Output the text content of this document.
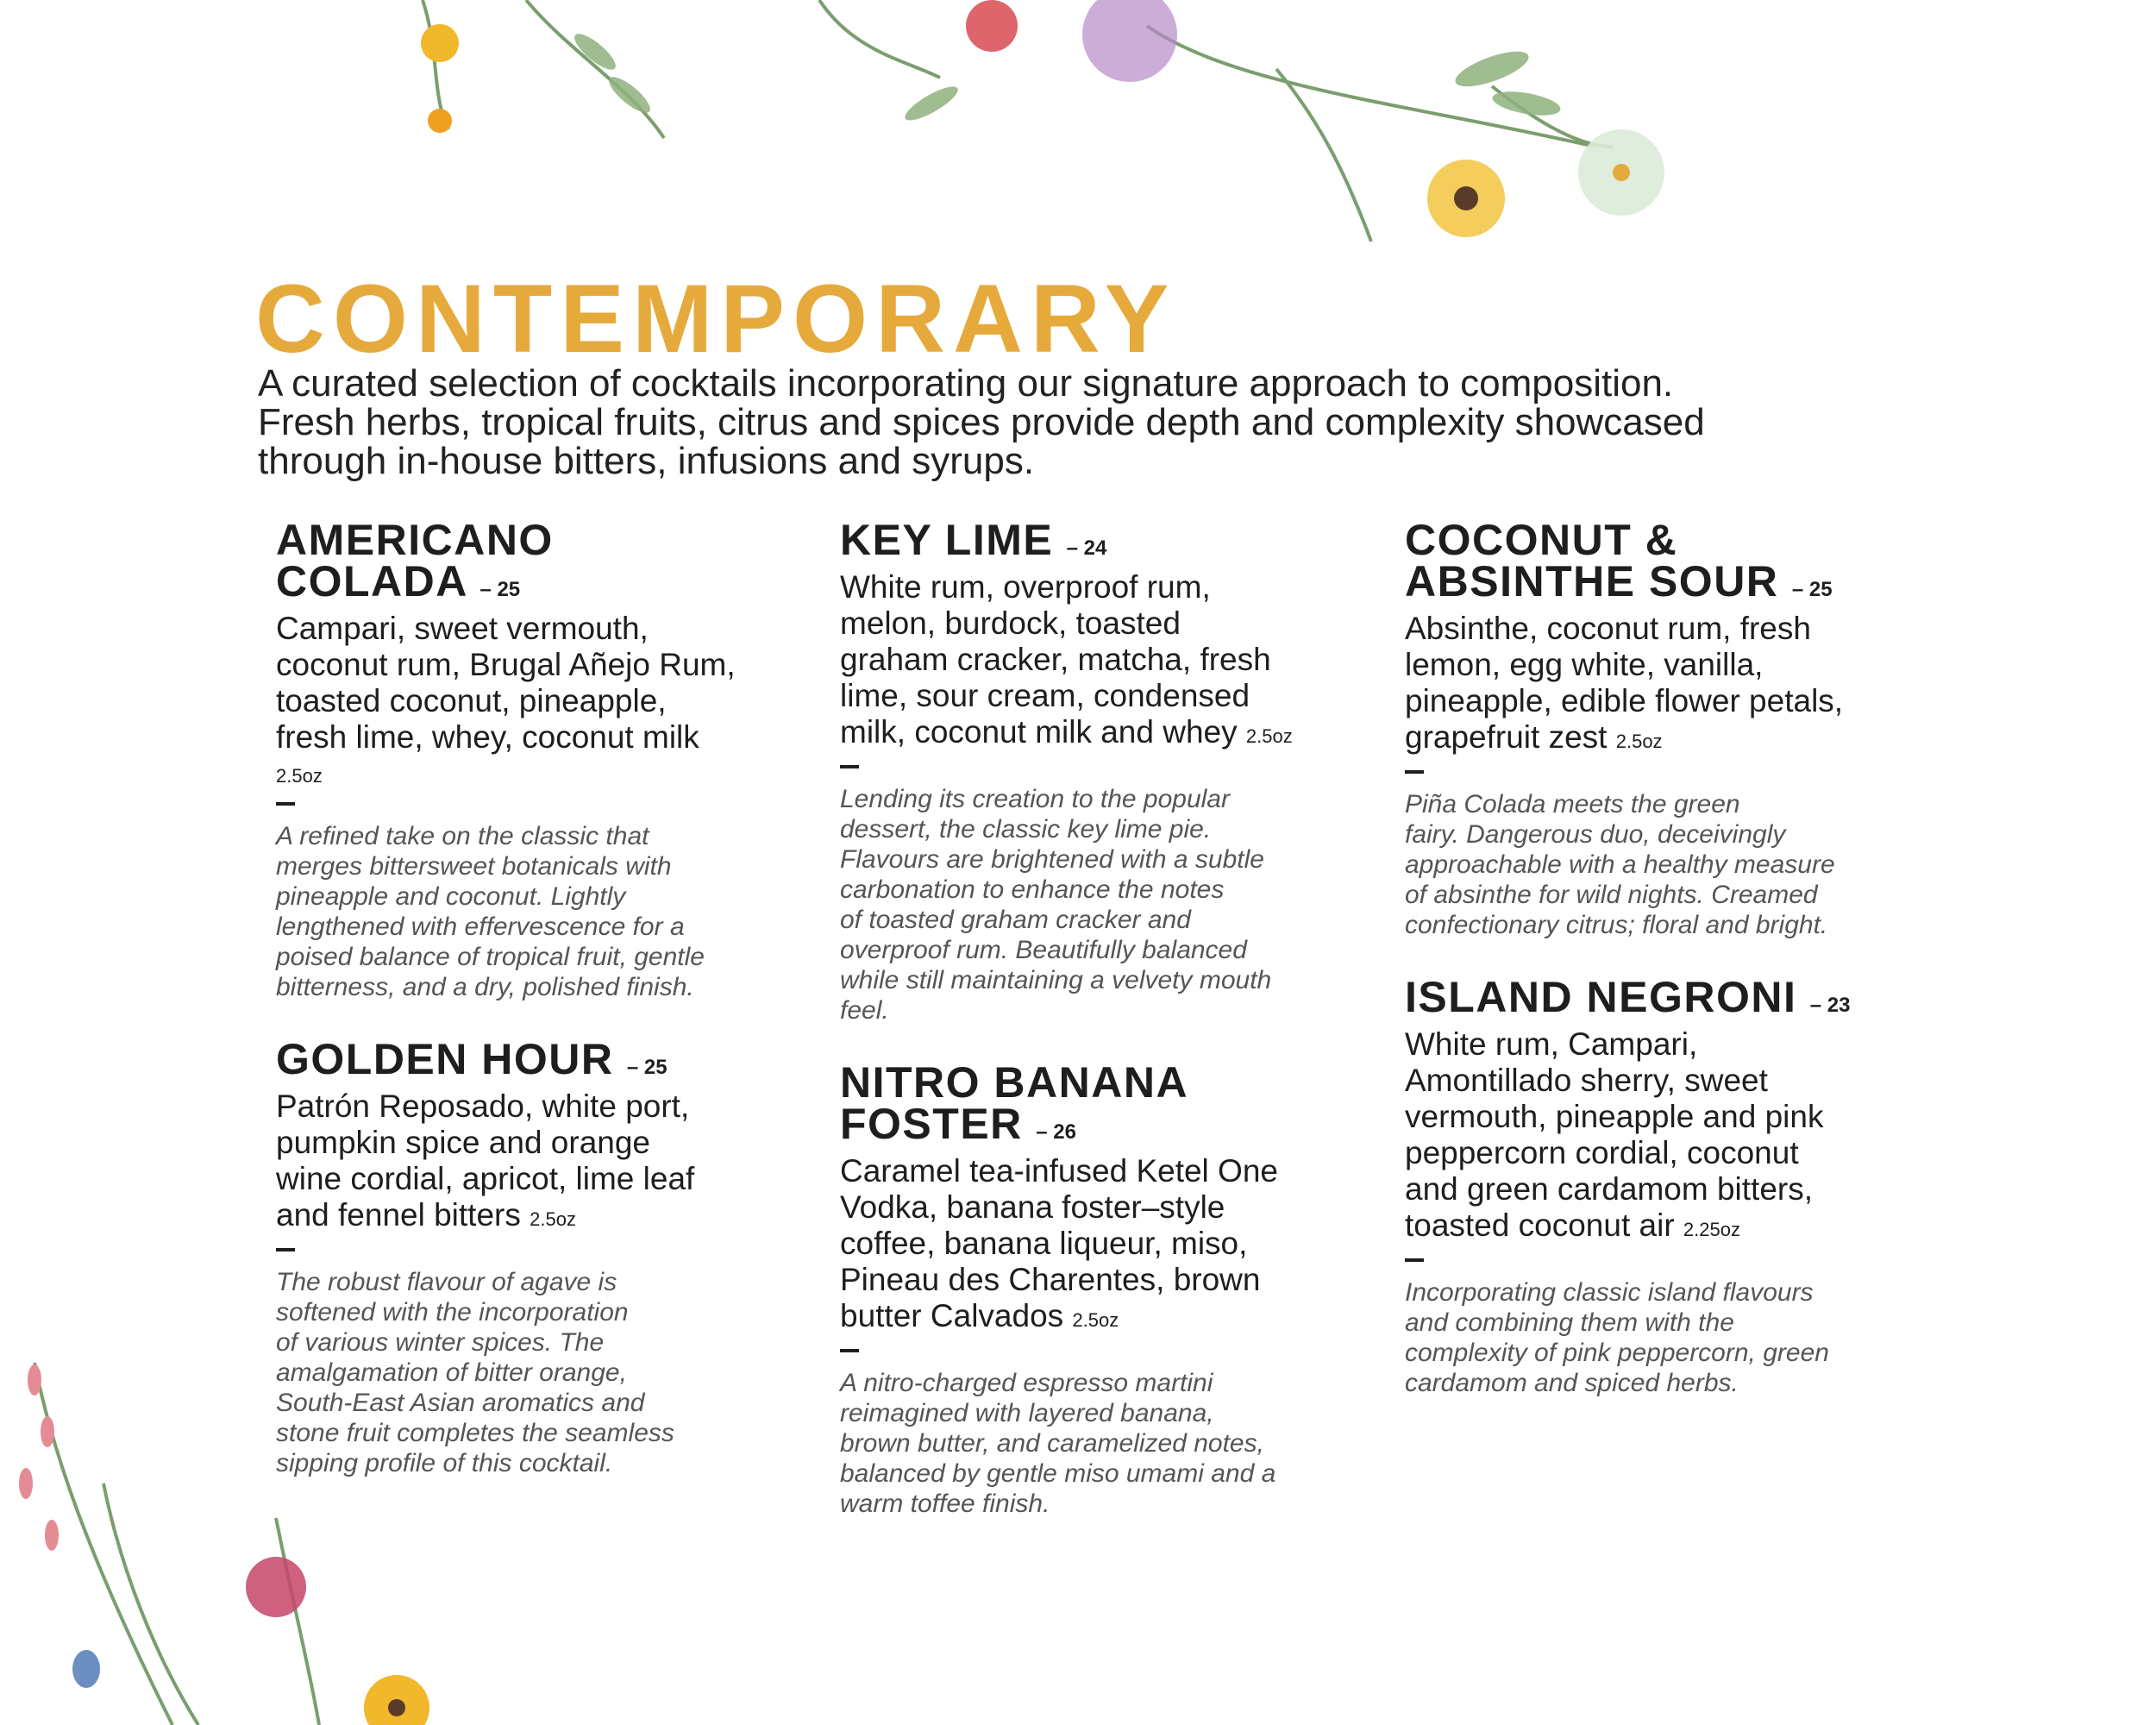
CONTEMPORARY
A curated selection of cocktails incorporating our signature approach to composition.
Fresh herbs, tropical fruits, citrus and spices provide depth and complexity showcased
through in-house bitters, infusions and syrups.
AMERICANO
COLADA – 25
Campari, sweet vermouth,
coconut rum, Brugal Añejo Rum,
toasted coconut, pineapple,
fresh lime, whey, coconut milk
2.5oz
A refined take on the classic that
merges bittersweet botanicals with
pineapple and coconut. Lightly
lengthened with effervescence for a
poised balance of tropical fruit, gentle
bitterness, and a dry, polished finish.
GOLDEN HOUR – 25
Patrón Reposado, white port,
pumpkin spice and orange
wine cordial, apricot, lime leaf
and fennel bitters 2.5oz
The robust flavour of agave is
softened with the incorporation
of various winter spices. The
amalgamation of bitter orange,
South-East Asian aromatics and
stone fruit completes the seamless
sipping profile of this cocktail.
KEY LIME – 24
White rum, overproof rum,
melon, burdock, toasted
graham cracker, matcha, fresh
lime, sour cream, condensed
milk, coconut milk and whey 2.5oz
Lending its creation to the popular
dessert, the classic key lime pie.
Flavours are brightened with a subtle
carbonation to enhance the notes
of toasted graham cracker and
overproof rum. Beautifully balanced
while still maintaining a velvety mouth
feel.
NITRO BANANA
FOSTER – 26
Caramel tea-infused Ketel One
Vodka, banana foster–style
coffee, banana liqueur, miso,
Pineau des Charentes, brown
butter Calvados 2.5oz
A nitro-charged espresso martini
reimagined with layered banana,
brown butter, and caramelized notes,
balanced by gentle miso umami and a
warm toffee finish.
COCONUT &
ABSINTHE SOUR – 25
Absinthe, coconut rum, fresh
lemon, egg white, vanilla,
pineapple, edible flower petals,
grapefruit zest 2.5oz
Piña Colada meets the green
fairy. Dangerous duo, deceivingly
approachable with a healthy measure
of absinthe for wild nights. Creamed
confectionary citrus; floral and bright.
ISLAND NEGRONI – 23
White rum, Campari,
Amontillado sherry, sweet
vermouth, pineapple and pink
peppercorn cordial, coconut
and green cardamom bitters,
toasted coconut air 2.25oz
Incorporating classic island flavours
and combining them with the
complexity of pink peppercorn, green
cardamom and spiced herbs.
